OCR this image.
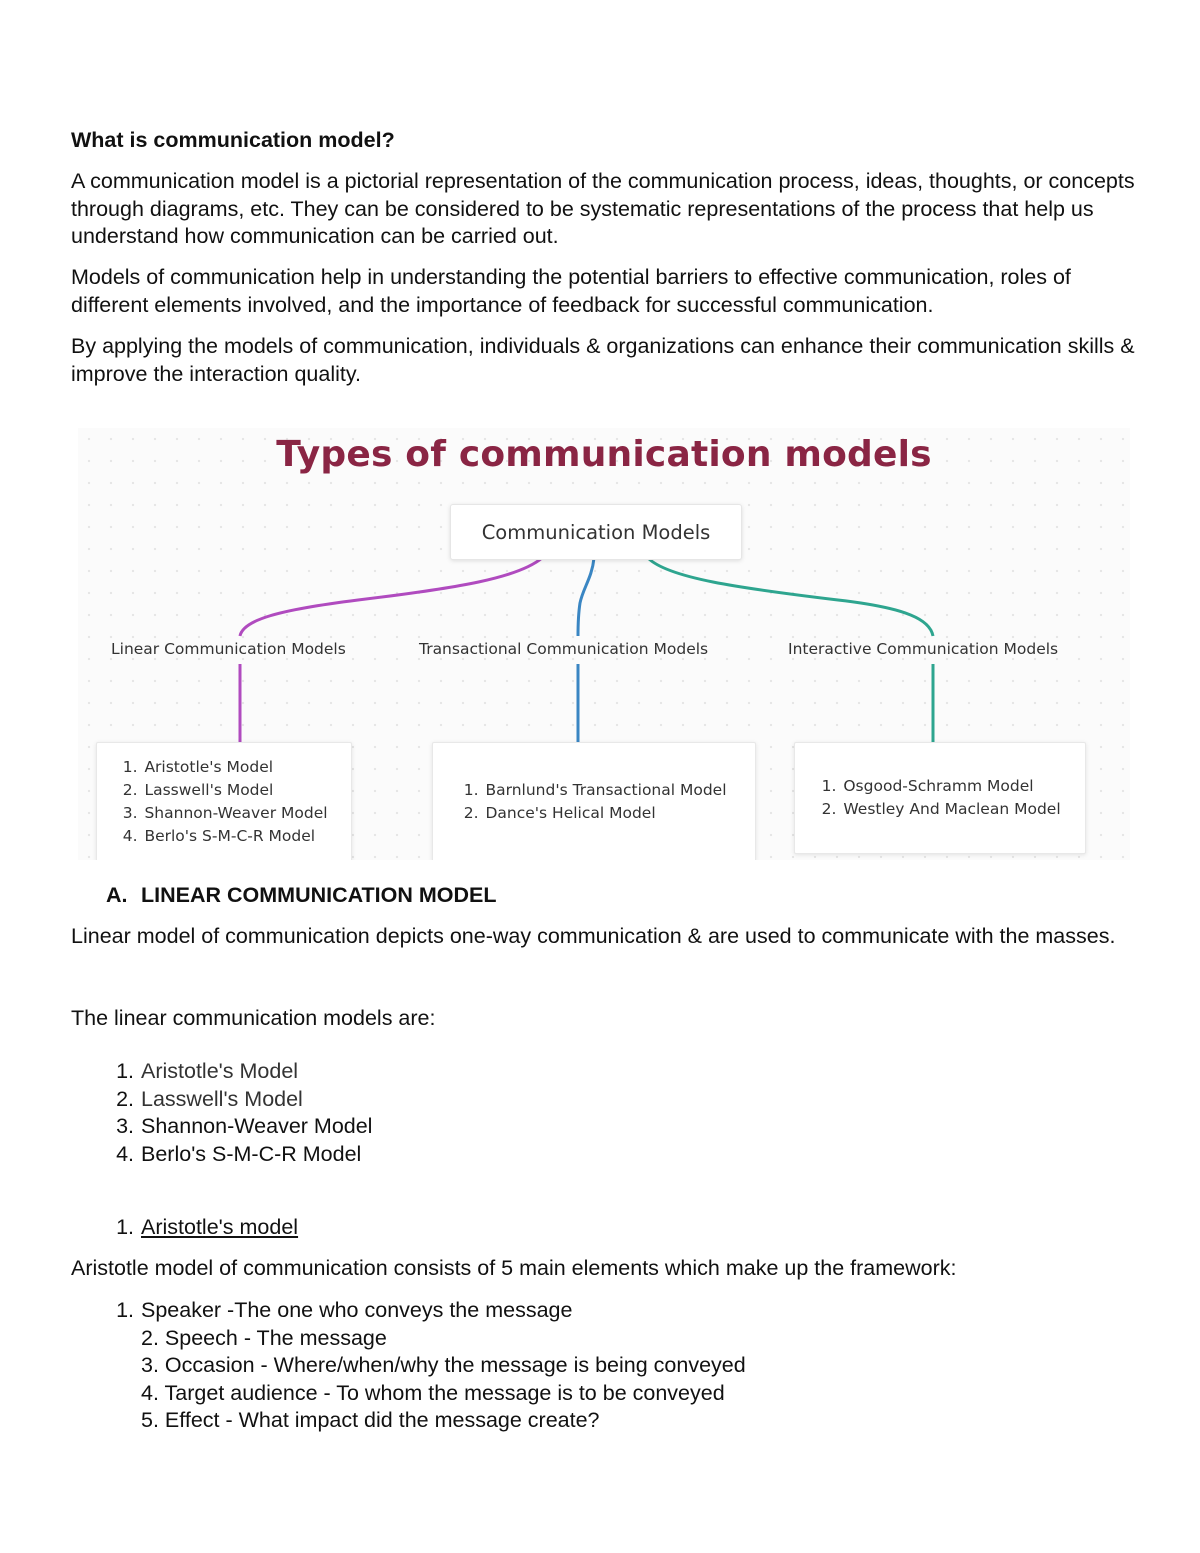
What is communication model?

A communication model is a pictorial representation of the communication process, ideas, thoughts, or concepts through diagrams, etc. They can be considered to be systematic representations of the process that help us understand how communication can be carried out.

Models of communication help in understanding the potential barriers to effective communication, roles of different elements involved, and the importance of feedback for successful communication.

By applying the models of communication, individuals & organizations can enhance their communication skills & improve the interaction quality.

Types of communication models
Communication Models
Linear Communication Models	Transactional Communication Models	Interactive Communication Models
1. Aristotle's Model
2. Lasswell's Model
3. Shannon-Weaver Model
4. Berlo's S-M-C-R Model
1. Barnlund's Transactional Model
2. Dance's Helical Model
1. Osgood-Schramm Model
2. Westley And Maclean Model
A. LINEAR COMMUNICATION MODEL

Linear model of communication depicts one-way communication & are used to communicate with the masses.

The linear communication models are:

1. Aristotle's Model
2. Lasswell's Model
3. Shannon-Weaver Model
4. Berlo's S-M-C-R Model
1. Aristotle's model

Aristotle model of communication consists of 5 main elements which make up the framework:

1. Speaker -The one who conveys the message
2. Speech - The message
3. Occasion - Where/when/why the message is being conveyed
4. Target audience - To whom the message is to be conveyed
5. Effect - What impact did the message create?
